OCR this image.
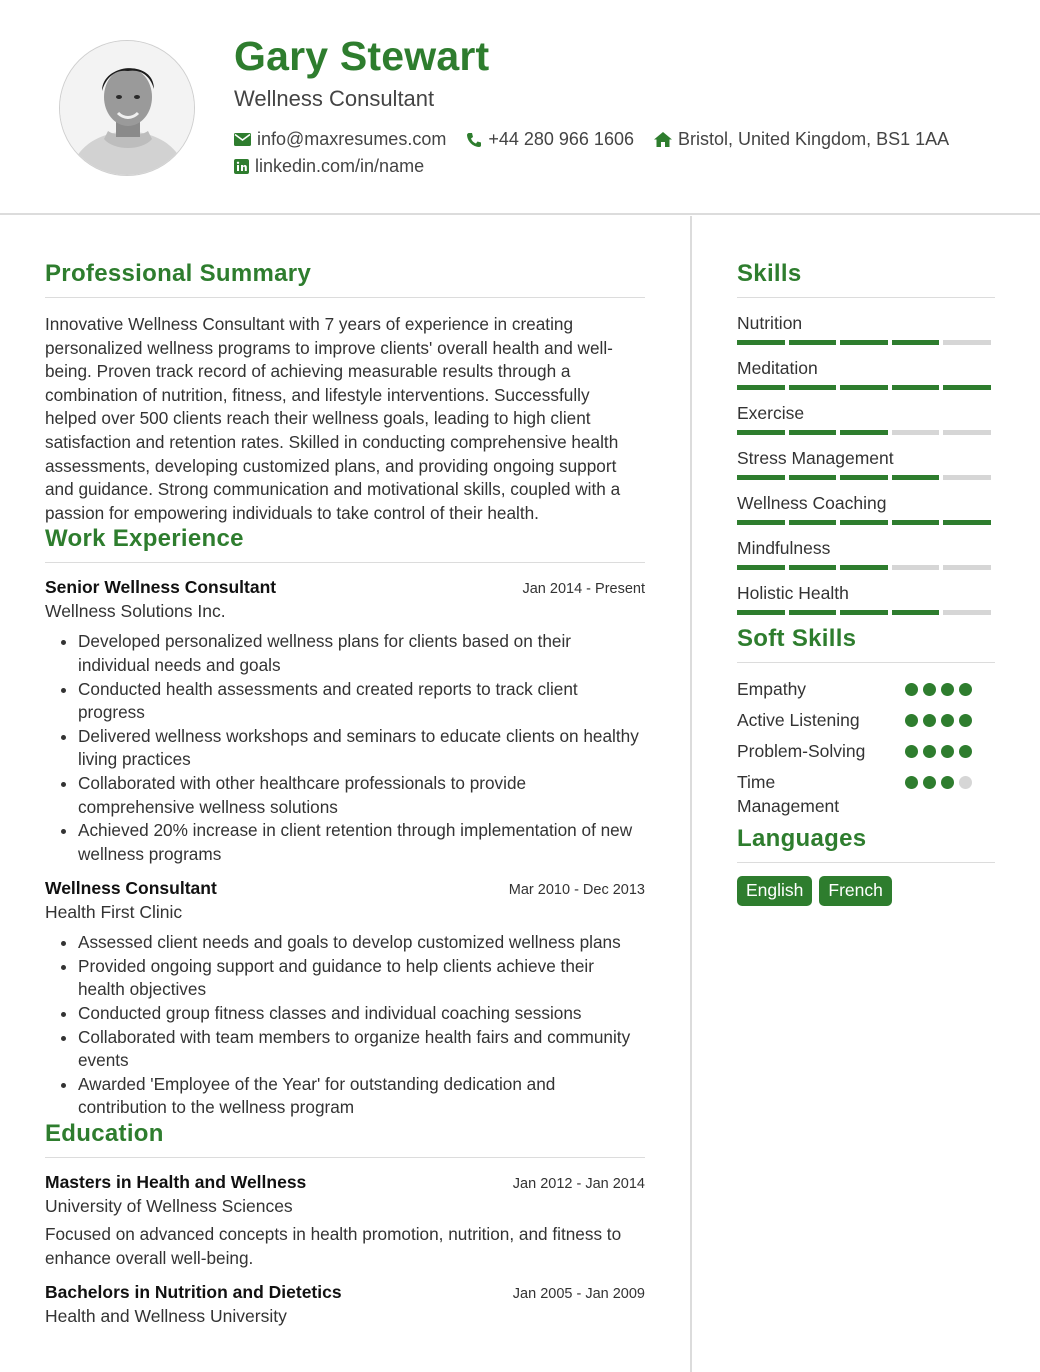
Gary Stewart
Wellness Consultant
info@maxresumes.com +44 280 966 1606 Bristol, United Kingdom, BS1 1AA
linkedin.com/in/name
Professional Summary

Innovative Wellness Consultant with 7 years of experience in creating personalized wellness programs to improve clients' overall health and well-being. Proven track record of achieving measurable results through a combination of nutrition, fitness, and lifestyle interventions. Successfully helped over 500 clients reach their wellness goals, leading to high client satisfaction and retention rates. Skilled in conducting comprehensive health assessments, developing customized plans, and providing ongoing support and guidance. Strong communication and motivational skills, coupled with a passion for empowering individuals to take control of their health.

Work Experience
Senior Wellness Consultant	Jan 2014 - Present
Wellness Solutions Inc.
• Developed personalized wellness plans for clients based on their individual needs and goals
• Conducted health assessments and created reports to track client progress
• Delivered wellness workshops and seminars to educate clients on healthy living practices
• Collaborated with other healthcare professionals to provide comprehensive wellness solutions
• Achieved 20% increase in client retention through implementation of new wellness programs
Wellness Consultant	Mar 2010 - Dec 2013
Health First Clinic
• Assessed client needs and goals to develop customized wellness plans
• Provided ongoing support and guidance to help clients achieve their health objectives
• Conducted group fitness classes and individual coaching sessions
• Collaborated with team members to organize health fairs and community events
• Awarded 'Employee of the Year' for outstanding dedication and contribution to the wellness program
Education
Masters in Health and Wellness	Jan 2012 - Jan 2014
University of Wellness Sciences

Focused on advanced concepts in health promotion, nutrition, and fitness to enhance overall well-being.

Bachelors in Nutrition and Dietetics	Jan 2005 - Jan 2009
Health and Wellness University
Skills
Nutrition
Meditation
Exercise
Stress Management
Wellness Coaching
Mindfulness
Holistic Health
Soft Skills
Empathy
Active Listening
Problem-Solving
Time Management
Languages
English	French
